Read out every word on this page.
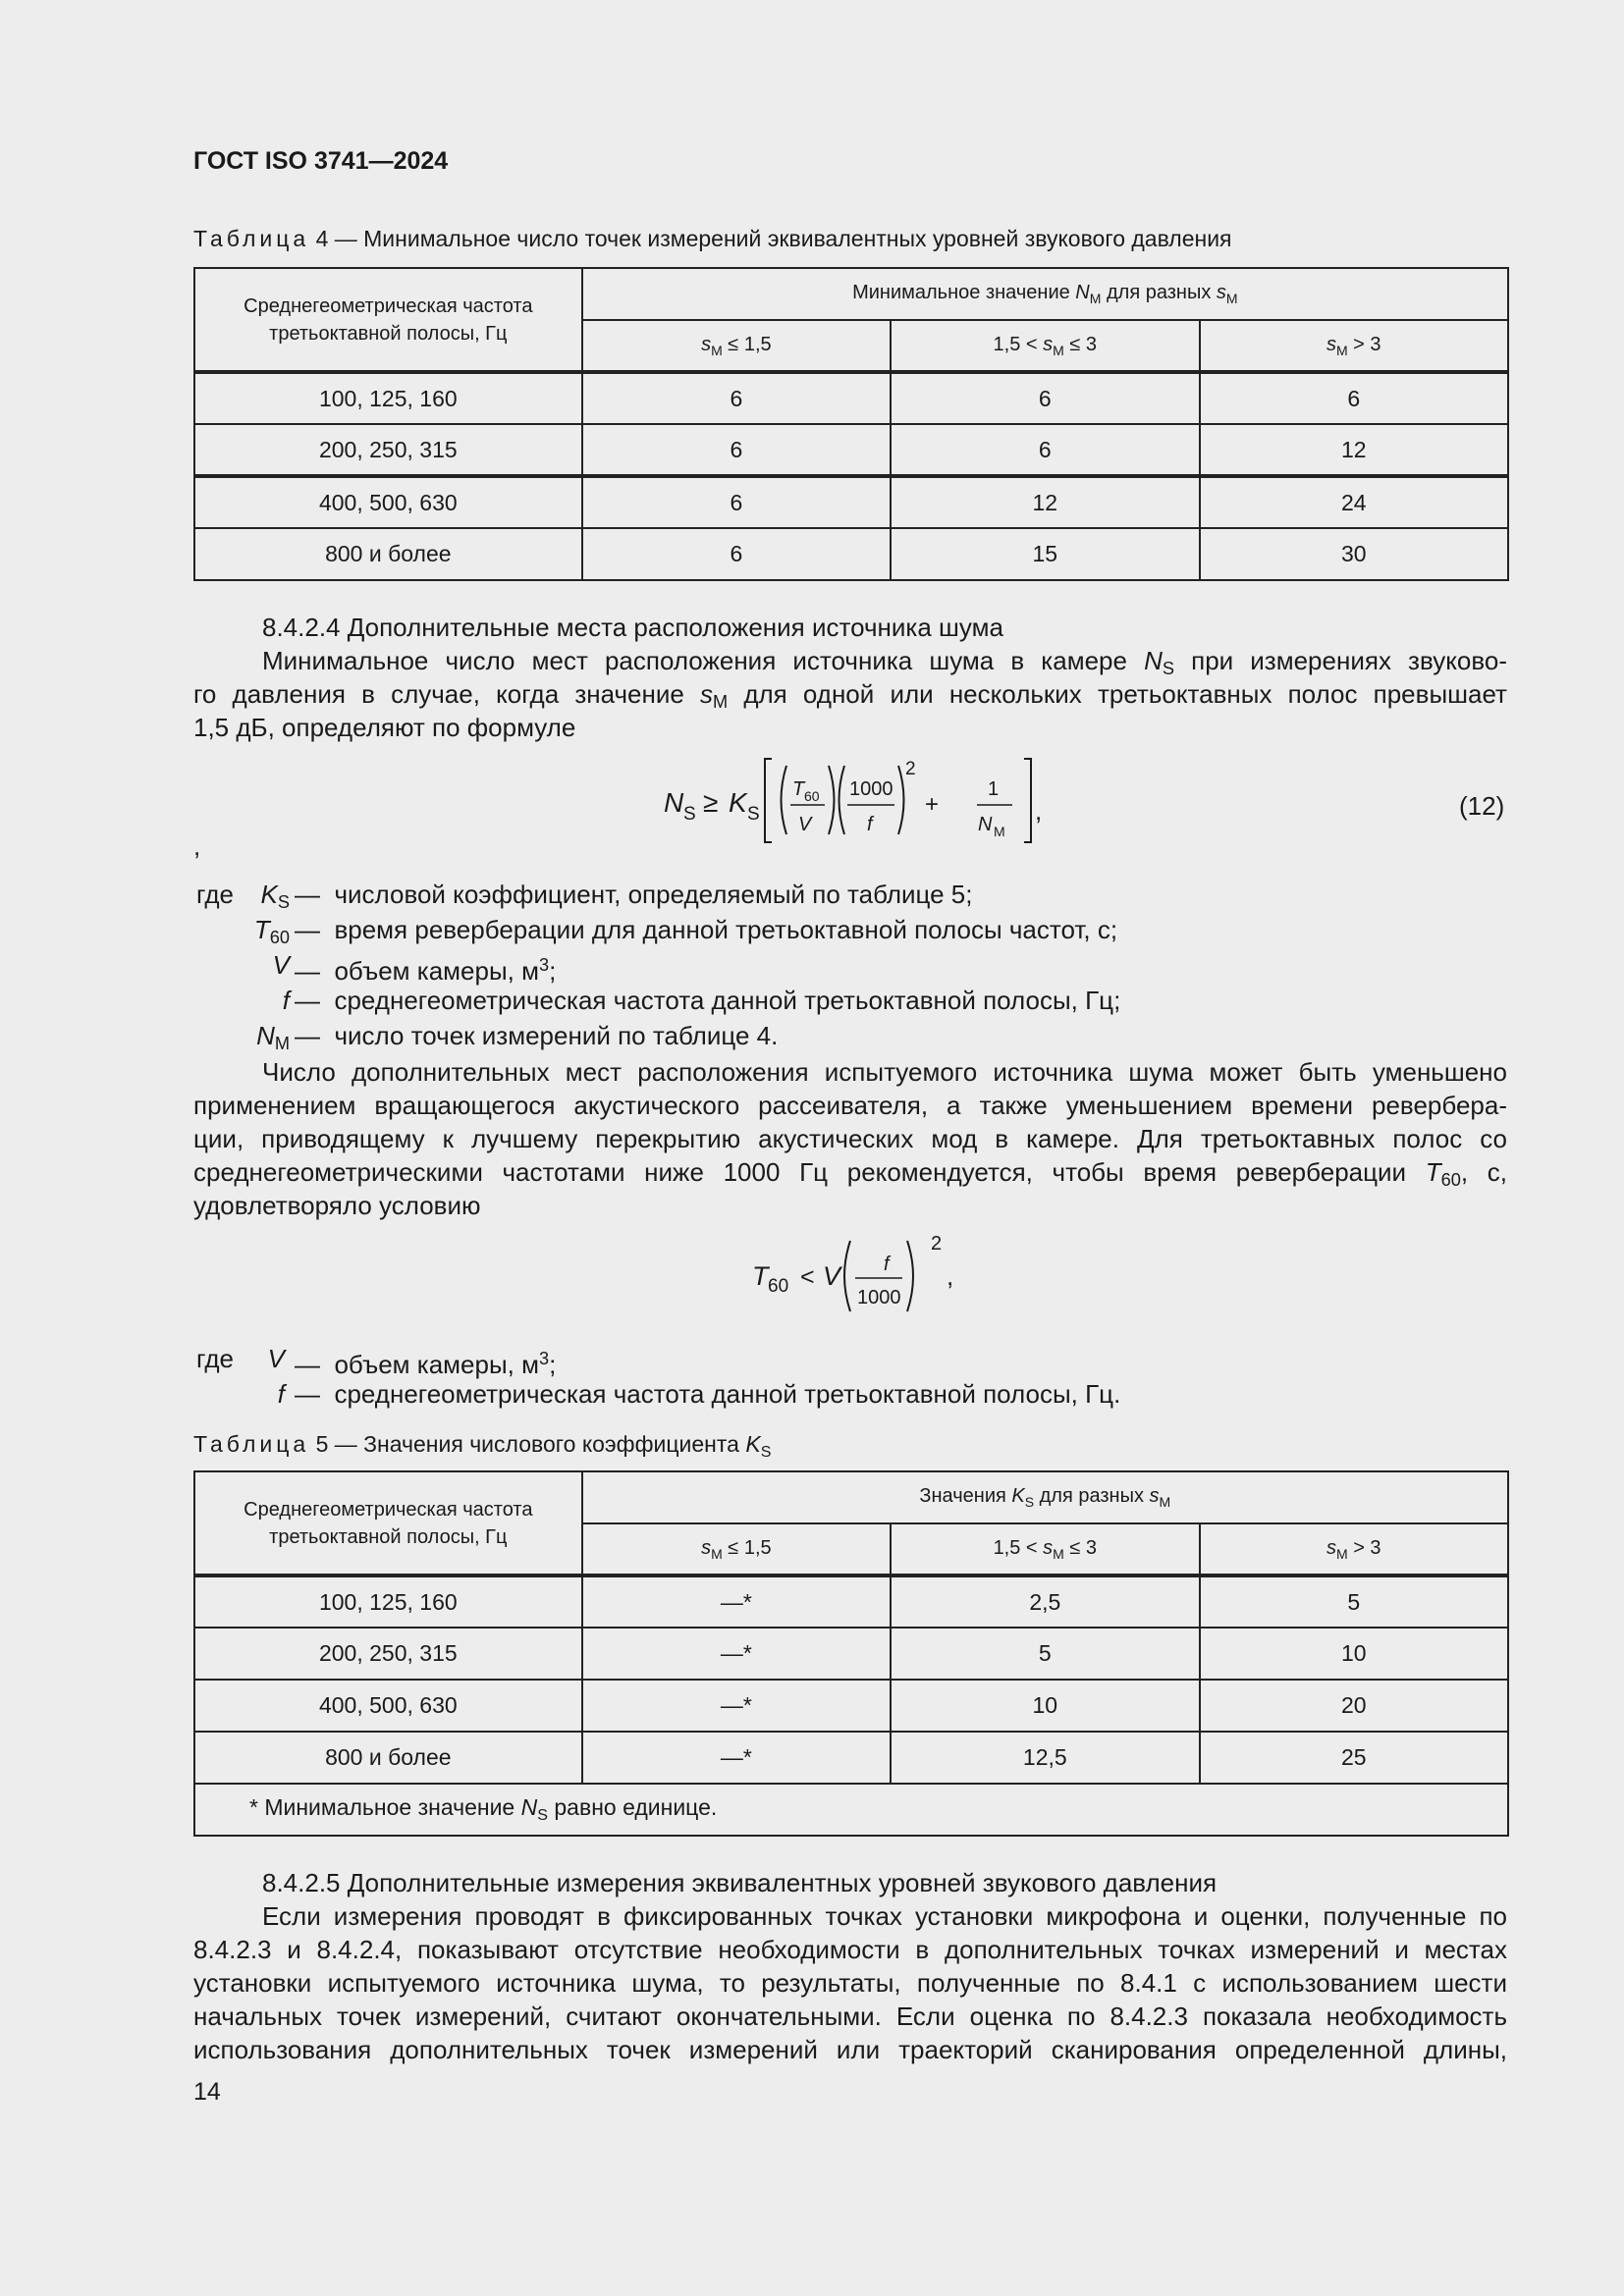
ГОСТ ISO 3741—2024
Таблица 4 — Минимальное число точек измерений эквивалентных уровней звукового давления
Среднегеометрическая частота третьоктавной полосы, Гц	Минимальное значение $N_M$ для разных $s_M$
	$s_M \le 1,5$	$1,5 < s_M \le 3$	$s_M > 3$
100, 125, 160	6	6	6
200, 250, 315	6	6	12
400, 500, 630	6	12	24
800 и более	6	15	30
8.4.2.4 Дополнительные места расположения источника шума
Минимальное число мест расположения источника шума в камере $N_S$ при измерениях звуково-
го давления в случае, когда значение $s_M$ для одной или нескольких третьоктавных полос превышает
1,5 дБ, определяют по формуле
N S ≥ K S
T 60
V
1000
f
2
+
1
N M
,	(12)
,
где	$K_S$ —  числовой коэффициент, определяемый по таблице 5;
$T_{60}$ —  время реверберации для данной третьоктавной полосы частот, с;
V —  объем камеры, $м^3$;
f —  среднегеометрическая частота данной третьоктавной полосы, Гц;
$N_M$ —  число точек измерений по таблице 4.
Число дополнительных мест расположения испытуемого источника шума может быть уменьшено
применением вращающегося акустического рассеивателя, а также уменьшением времени ревербера-
ции, приводящему к лучшему перекрытию акустических мод в камере. Для третьоктавных полос со
среднегеометрическими частотами ниже 1000 Гц рекомендуется, чтобы время реверберации $T_{60}$, с,
удовлетворяло условию
T 60 < V f
1000
2
,
где	V —  объем камеры, $м^3$;
f —  среднегеометрическая частота данной третьоктавной полосы, Гц.
Таблица 5 — Значения числового коэффициента $K_S$
Среднегеометрическая частота третьоктавной полосы, Гц	Значения $K_S$ для разных $s_M$
	$s_M \le 1,5$	$1,5 < s_M \le 3$	$s_M > 3$
100, 125, 160	—*	2,5	5
200, 250, 315	—*	5	10
400, 500, 630	—*	10	20
800 и более	—*	12,5	25
* Минимальное значение $N_S$ равно единице.			
8.4.2.5 Дополнительные измерения эквивалентных уровней звукового давления
Если измерения проводят в фиксированных точках установки микрофона и оценки, полученные по
8.4.2.3 и 8.4.2.4, показывают отсутствие необходимости в дополнительных точках измерений и местах
установки испытуемого источника шума, то результаты, полученные по 8.4.1 с использованием шести
начальных точек измерений, считают окончательными. Если оценка по 8.4.2.3 показала необходимость
использования дополнительных точек измерений или траекторий сканирования определенной длины,
14
